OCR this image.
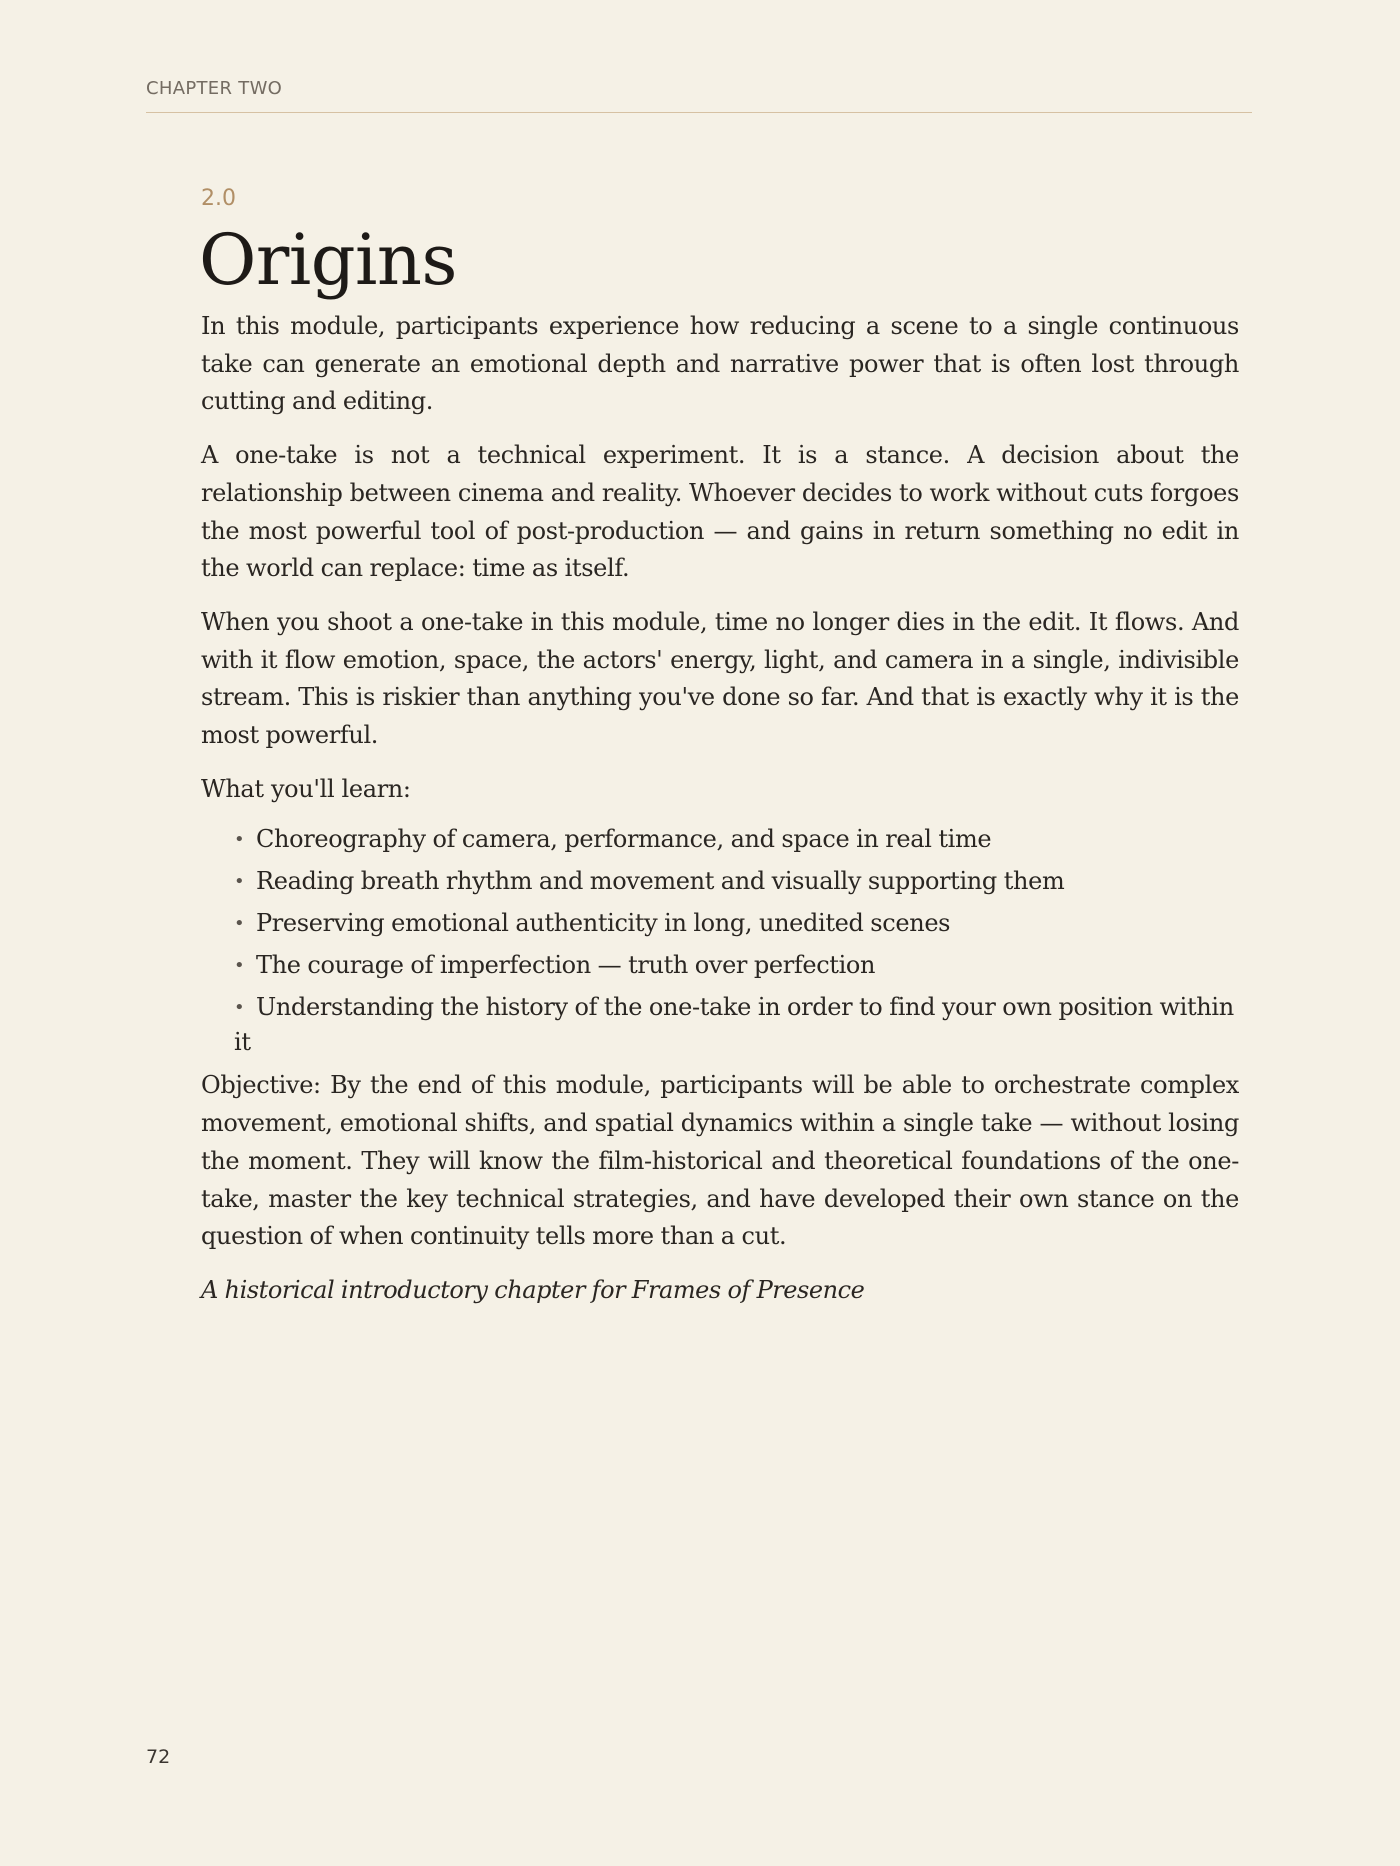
CHAPTER TWO
2.0
Origins

In this module, participants experience how reducing a scene to a single continuous take can generate an emotional depth and narrative power that is often lost through cutting and editing.

A one-take is not a technical experiment. It is a stance. A decision about the relationship between cinema and reality. Whoever decides to work without cuts forgoes the most powerful tool of post-production — and gains in return something no edit in the world can replace: time as itself.

When you shoot a one-take in this module, time no longer dies in the edit. It flows. And with it flow emotion, space, the actors' energy, light, and camera in a single, indivisible stream. This is riskier than anything you've done so far. And that is exactly why it is the most powerful.

What you'll learn:

• Choreography of camera, performance, and space in real time
• Reading breath rhythm and movement and visually supporting them
• Preserving emotional authenticity in long, unedited scenes
• The courage of imperfection — truth over perfection
• Understanding the history of the one-take in order to find your own position within it

Objective: By the end of this module, participants will be able to orchestrate complex movement, emotional shifts, and spatial dynamics within a single take — without losing the moment. They will know the film-historical and theoretical foundations of the one-take, master the key technical strategies, and have developed their own stance on the question of when continuity tells more than a cut.

A historical introductory chapter for Frames of Presence

72
